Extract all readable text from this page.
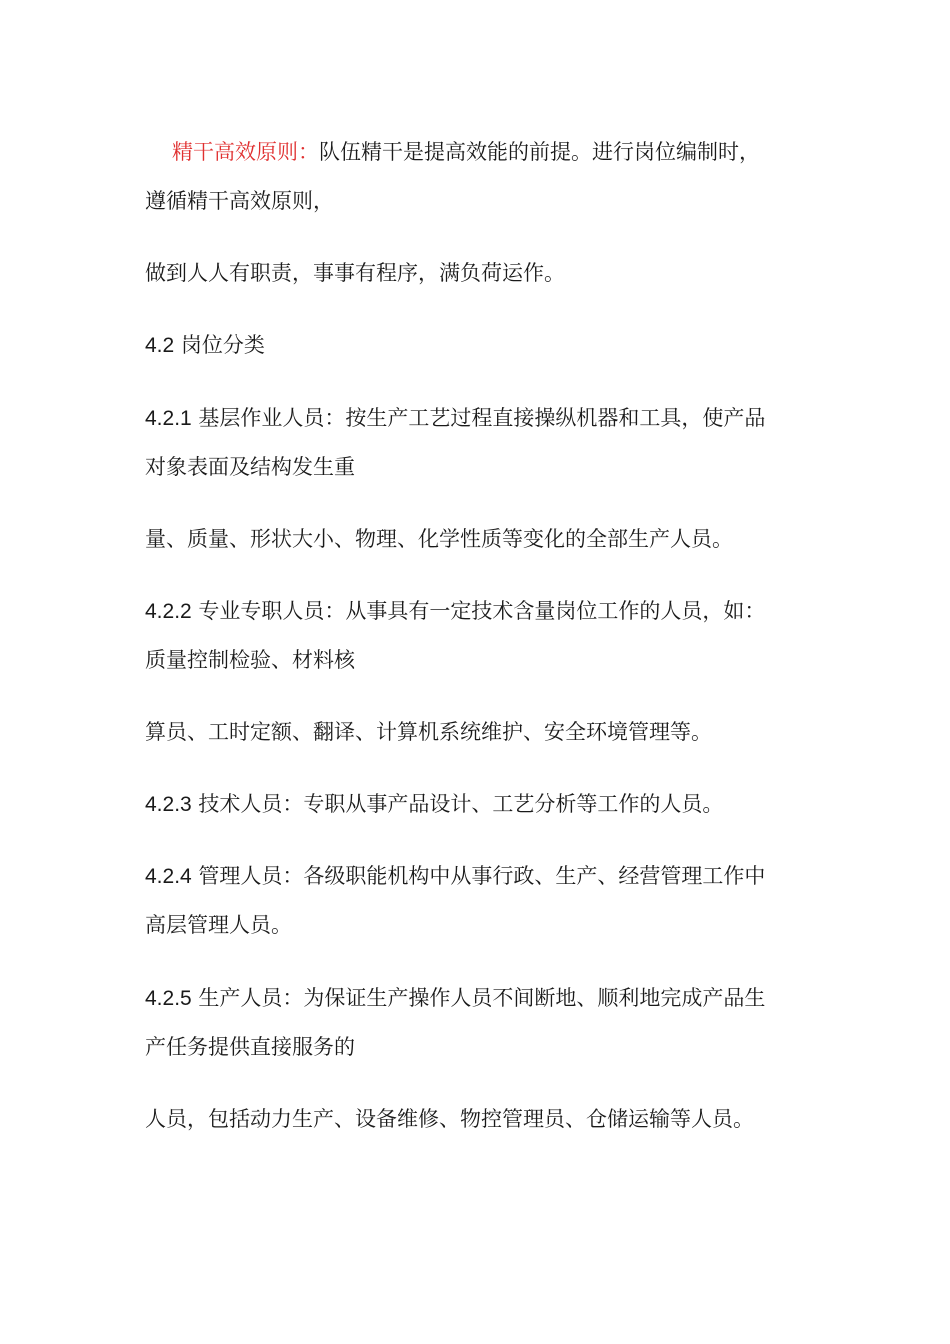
精干高效原则：队伍精干是提高效能的前提。进行岗位编制时，
遵循精干高效原则，
做到人人有职责，事事有程序，满负荷运作。
4.2 岗位分类
4.2.1 基层作业人员：按生产工艺过程直接操纵机器和工具，使产品
对象表面及结构发生重
量、质量、形状大小、物理、化学性质等变化的全部生产人员。
4.2.2 专业专职人员：从事具有一定技术含量岗位工作的人员，如：
质量控制检验、材料核
算员、工时定额、翻译、计算机系统维护、安全环境管理等。
4.2.3 技术人员：专职从事产品设计、工艺分析等工作的人员。
4.2.4 管理人员：各级职能机构中从事行政、生产、经营管理工作中
高层管理人员。
4.2.5 生产人员：为保证生产操作人员不间断地、顺利地完成产品生
产任务提供直接服务的
人员，包括动力生产、设备维修、物控管理员、仓储运输等人员。
